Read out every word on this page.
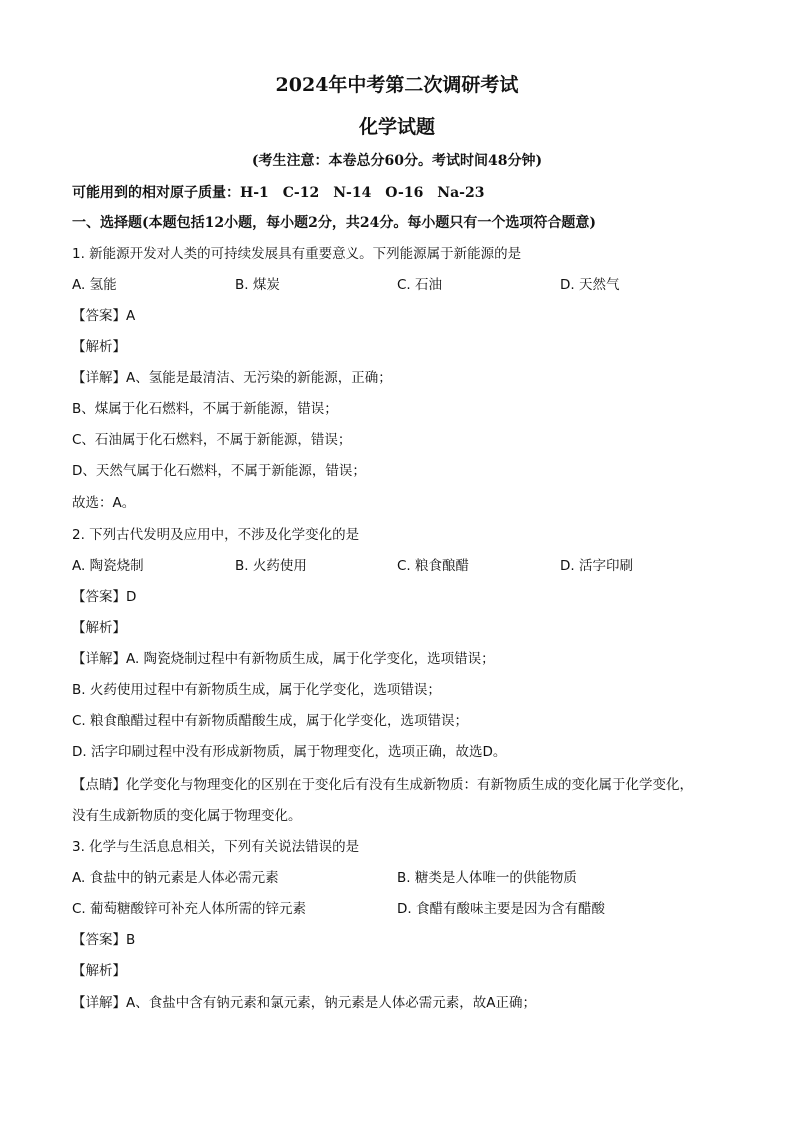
2024年中考第二次调研考试
化学试题
(考生注意：本卷总分60分。考试时间48分钟)
可能用到的相对原子质量：H-1　C-12　N-14　O-16　Na-23
一、选择题(本题包括12小题，每小题2分，共24分。每小题只有一个选项符合题意)
1. 新能源开发对人类的可持续发展具有重要意义。下列能源属于新能源的是
A. 氢能	B. 煤炭	C. 石油	D. 天然气
【答案】A
【解析】
【详解】A、氢能是最清洁、无污染的新能源，正确；
B、煤属于化石燃料，不属于新能源，错误；
C、石油属于化石燃料，不属于新能源，错误；
D、天然气属于化石燃料，不属于新能源，错误；
故选：A。
2. 下列古代发明及应用中，不涉及化学变化的是
A. 陶瓷烧制	B. 火药使用	C. 粮食酿醋	D. 活字印刷
【答案】D
【解析】
【详解】A. 陶瓷烧制过程中有新物质生成，属于化学变化，选项错误；
B. 火药使用过程中有新物质生成，属于化学变化，选项错误；
C. 粮食酿醋过程中有新物质醋酸生成，属于化学变化，选项错误；
D. 活字印刷过程中没有形成新物质，属于物理变化，选项正确，故选D。
【点睛】化学变化与物理变化的区别在于变化后有没有生成新物质：有新物质生成的变化属于化学变化，
没有生成新物质的变化属于物理变化。
3. 化学与生活息息相关，下列有关说法错误的是
A. 食盐中的钠元素是人体必需元素	B. 糖类是人体唯一的供能物质
C. 葡萄糖酸锌可补充人体所需的锌元素	D. 食醋有酸味主要是因为含有醋酸
【答案】B
【解析】
【详解】A、食盐中含有钠元素和氯元素，钠元素是人体必需元素，故A正确；
